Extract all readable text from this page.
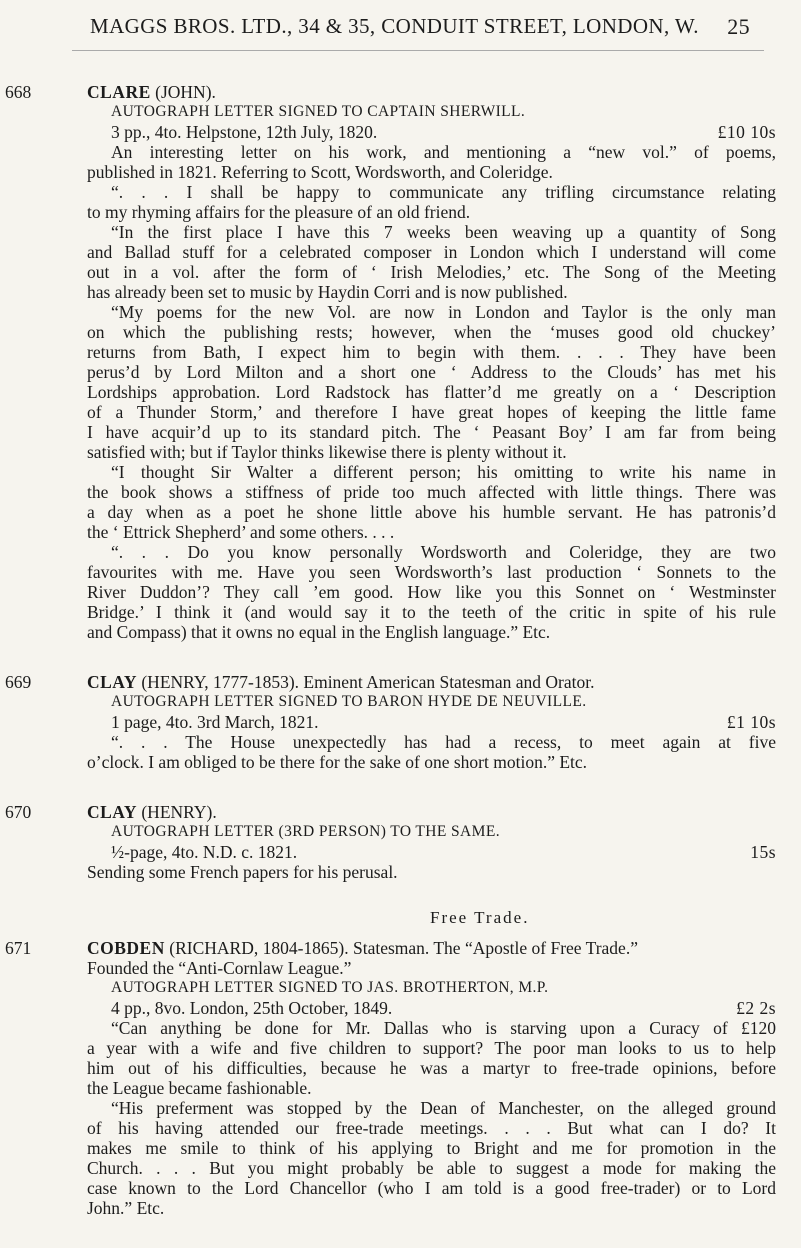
MAGGS BROS. LTD., 34 & 35, CONDUIT STREET, LONDON, W. 25
668	CLARE (JOHN).
AUTOGRAPH LETTER SIGNED TO CAPTAIN SHERWILL.
3 pp., 4to. Helpstone, 12th July, 1820.	£10 10s
An interesting letter on his work, and mentioning a “new vol.” of poems,
published in 1821. Referring to Scott, Wordsworth, and Coleridge.
“. . . I shall be happy to communicate any trifling circumstance relating
to my rhyming affairs for the pleasure of an old friend.
“In the first place I have this 7 weeks been weaving up a quantity of Song
and Ballad stuff for a celebrated composer in London which I understand will come
out in a vol. after the form of ‘ Irish Melodies,’ etc. The Song of the Meeting
has already been set to music by Haydin Corri and is now published.
“My poems for the new Vol. are now in London and Taylor is the only man
on which the publishing rests; however, when the ‘muses good old chuckey’
returns from Bath, I expect him to begin with them. . . . They have been
perus’d by Lord Milton and a short one ‘ Address to the Clouds’ has met his
Lordships approbation. Lord Radstock has flatter’d me greatly on a ‘ Description
of a Thunder Storm,’ and therefore I have great hopes of keeping the little fame
I have acquir’d up to its standard pitch. The ‘ Peasant Boy’ I am far from being
satisfied with; but if Taylor thinks likewise there is plenty without it.
“I thought Sir Walter a different person; his omitting to write his name in
the book shows a stiffness of pride too much affected with little things. There was
a day when as a poet he shone little above his humble servant. He has patronis’d
the ‘ Ettrick Shepherd’ and some others. . . .
“. . . Do you know personally Wordsworth and Coleridge, they are two
favourites with me. Have you seen Wordsworth’s last production ‘ Sonnets to the
River Duddon’? They call ’em good. How like you this Sonnet on ‘ Westminster
Bridge.’ I think it (and would say it to the teeth of the critic in spite of his rule
and Compass) that it owns no equal in the English language.” Etc.
669	CLAY (HENRY, 1777-1853). Eminent American Statesman and Orator.
AUTOGRAPH LETTER SIGNED TO BARON HYDE DE NEUVILLE.
1 page, 4to. 3rd March, 1821.	£1 10s
“. . . The House unexpectedly has had a recess, to meet again at five
o’clock. I am obliged to be there for the sake of one short motion.” Etc.
670	CLAY (HENRY).
AUTOGRAPH LETTER (3RD PERSON) TO THE SAME.
½-page, 4to. N.D. c. 1821.	15s
Sending some French papers for his perusal.
Free Trade.
671	COBDEN (RICHARD, 1804-1865). Statesman. The “Apostle of Free Trade.”
Founded the “Anti-Cornlaw League.”
AUTOGRAPH LETTER SIGNED TO JAS. BROTHERTON, M.P.
4 pp., 8vo. London, 25th October, 1849.	£2 2s
“Can anything be done for Mr. Dallas who is starving upon a Curacy of £120
a year with a wife and five children to support? The poor man looks to us to help
him out of his difficulties, because he was a martyr to free-trade opinions, before
the League became fashionable.
“His preferment was stopped by the Dean of Manchester, on the alleged ground
of his having attended our free-trade meetings. . . . But what can I do? It
makes me smile to think of his applying to Bright and me for promotion in the
Church. . . . But you might probably be able to suggest a mode for making the
case known to the Lord Chancellor (who I am told is a good free-trader) or to Lord
John.” Etc.
